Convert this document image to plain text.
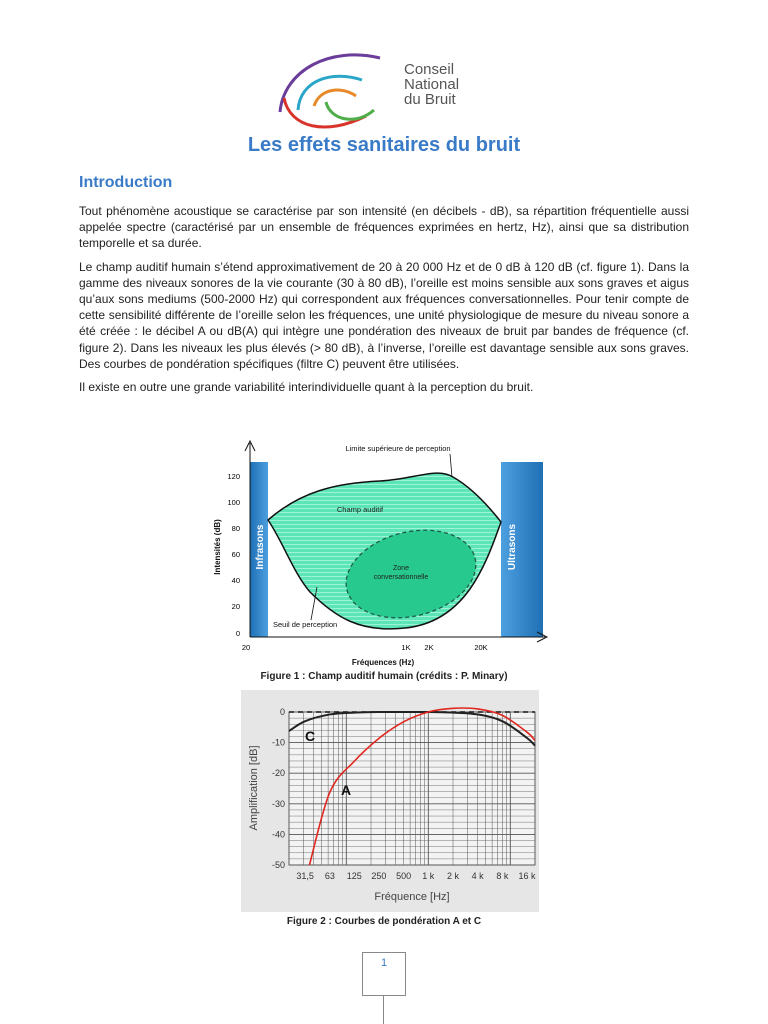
Conseil
National
du Bruit
Les effets sanitaires du bruit
Introduction

Tout phénomène acoustique se caractérise par son intensité (en décibels - dB), sa répartition fréquentielle aussi appelée spectre (caractérisé par un ensemble de fréquences exprimées en hertz, Hz), ainsi que sa distribution temporelle et sa durée.

Le champ auditif humain s’étend approximativement de 20 à 20 000 Hz et de 0 dB à 120 dB (cf. figure 1). Dans la gamme des niveaux sonores de la vie courante (30 à 80 dB), l’oreille est moins sensible aux sons graves et aigus qu’aux sons mediums (500-2000 Hz) qui correspondent aux fréquences conversationnelles. Pour tenir compte de cette sensibilité différente de l’oreille selon les fréquences, une unité physiologique de mesure du niveau sonore a été créée : le décibel A ou dB(A) qui intègre une pondération des niveaux de bruit par bandes de fréquence (cf. figure 2). Dans les niveaux les plus élevés (> 80 dB), à l’inverse, l’oreille est davantage sensible aux sons graves. Des courbes de pondération spécifiques (filtre C) peuvent être utilisées.

Il existe en outre une grande variabilité interindividuelle quant à la perception du bruit.

Limite supérieure de perception
Champ auditif
Zone
conversationnelle
Seuil de perception
Infrasons	Ultrasons
Intensités (dB)
Fréquences (Hz)
120
100
80
60
40
20
0
20	1K 2K	20K
Figure 1 : Champ auditif humain (crédits : P. Minary)
0
-10
-20
-30
-40
-50
31,5 63 125 250 500 1 k 2 k 4 k 8 k 16 k
C
A
Amplification [dB]
Fréquence [Hz]
Figure 2 : Courbes de pondération A et C
1
